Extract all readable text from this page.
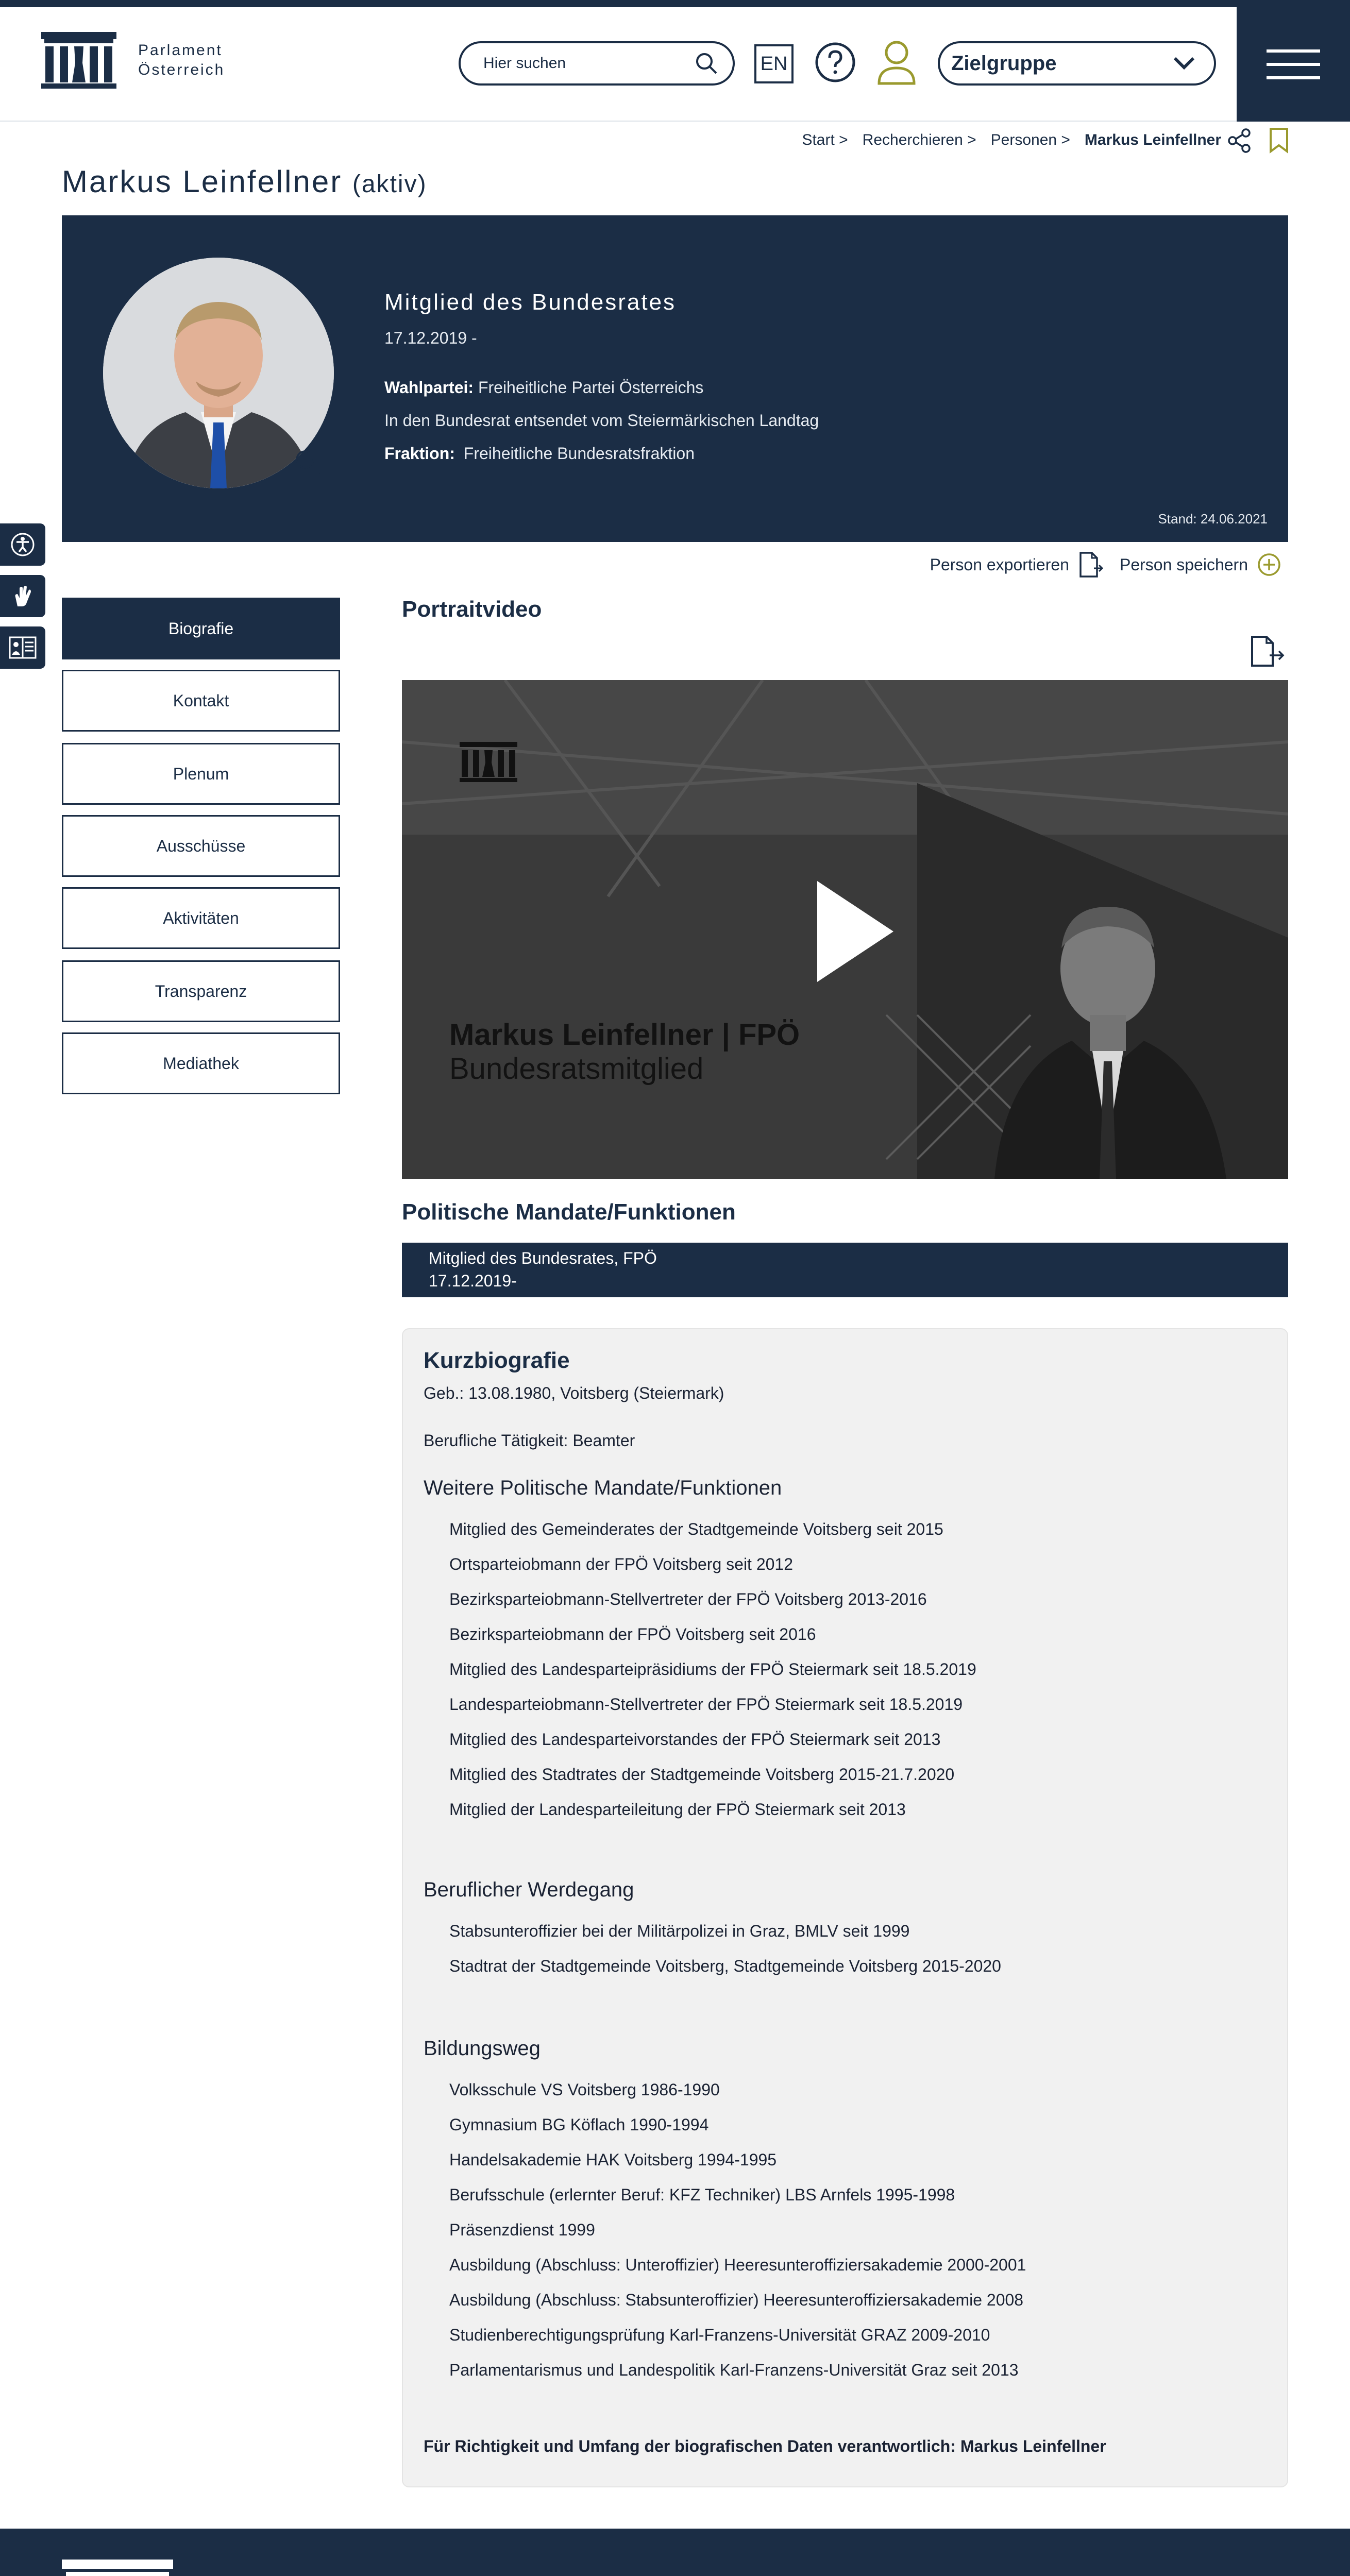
Parlament
Österreich
Hier suchen	EN	Zielgruppe
Start > Recherchieren > Personen > Markus Leinfellner
Markus Leinfellner (aktiv)
Mitglied des Bundesrates
17.12.2019 -
Wahlpartei: Freiheitliche Partei Österreichs
In den Bundesrat entsendet vom Steiermärkischen Landtag
Fraktion: Freiheitliche Bundesratsfraktion
Stand: 24.06.2021
Person exportieren	Person speichern
Biografie
Kontakt
Plenum
Ausschüsse
Aktivitäten
Transparenz
Mediathek
Portraitvideo
Markus Leinfellner | FPÖ
Bundesratsmitglied
Politische Mandate/Funktionen
Mitglied des Bundesrates, FPÖ
17.12.2019-
Kurzbiografie
Geb.: 13.08.1980, Voitsberg (Steiermark)
Berufliche Tätigkeit: Beamter
Weitere Politische Mandate/Funktionen
Mitglied des Gemeinderates der Stadtgemeinde Voitsberg seit 2015
Ortsparteiobmann der FPÖ Voitsberg seit 2012
Bezirksparteiobmann-Stellvertreter der FPÖ Voitsberg 2013-2016
Bezirksparteiobmann der FPÖ Voitsberg seit 2016
Mitglied des Landesparteipräsidiums der FPÖ Steiermark seit 18.5.2019
Landesparteiobmann-Stellvertreter der FPÖ Steiermark seit 18.5.2019
Mitglied des Landesparteivorstandes der FPÖ Steiermark seit 2013
Mitglied des Stadtrates der Stadtgemeinde Voitsberg 2015-21.7.2020
Mitglied der Landesparteileitung der FPÖ Steiermark seit 2013
Beruflicher Werdegang
Stabsunteroffizier bei der Militärpolizei in Graz, BMLV seit 1999
Stadtrat der Stadtgemeinde Voitsberg, Stadtgemeinde Voitsberg 2015-2020
Bildungsweg
Volksschule VS Voitsberg 1986-1990
Gymnasium BG Köflach 1990-1994
Handelsakademie HAK Voitsberg 1994-1995
Berufsschule (erlernter Beruf: KFZ Techniker) LBS Arnfels 1995-1998
Präsenzdienst 1999
Ausbildung (Abschluss: Unteroffizier) Heeresunteroffiziersakademie 2000-2001
Ausbildung (Abschluss: Stabsunteroffizier) Heeresunteroffiziersakademie 2008
Studienberechtigungsprüfung Karl-Franzens-Universität GRAZ 2009-2010
Parlamentarismus und Landespolitik Karl-Franzens-Universität Graz seit 2013
Für Richtigkeit und Umfang der biografischen Daten verantwortlich: Markus Leinfellner
